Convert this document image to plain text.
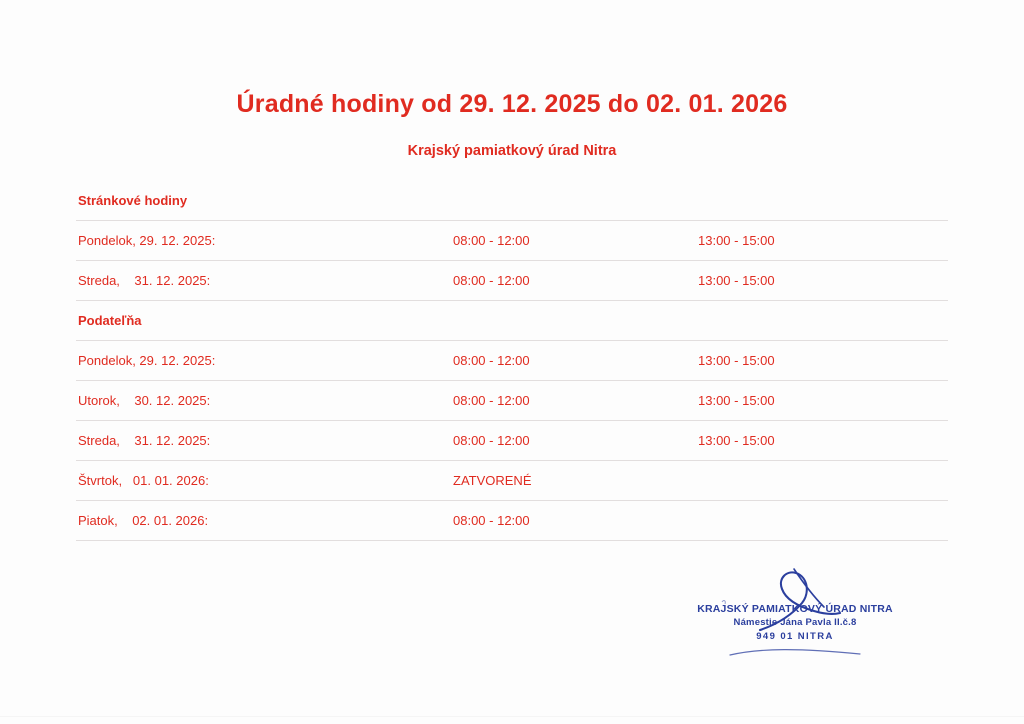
Úradné hodiny od 29. 12. 2025 do 02. 01. 2026
Krajský pamiatkový úrad Nitra
Stránkové hodiny
Pondelok, 29. 12. 2025:	08:00 - 12:00	13:00 - 15:00
Streda,    31. 12. 2025:	08:00 - 12:00	13:00 - 15:00
Podateľňa
Pondelok, 29. 12. 2025:	08:00 - 12:00	13:00 - 15:00
Utorok,    30. 12. 2025:	08:00 - 12:00	13:00 - 15:00
Streda,    31. 12. 2025:	08:00 - 12:00	13:00 - 15:00
Štvrtok,   01. 01. 2026:	ZATVORENÉ
Piatok,    02. 01. 2026:	08:00 - 12:00
KRAJSKÝ PAMIATKOVÝ ÚRAD NITRA
Námestie Jána Pavla II.č.8
949 01 NITRA
